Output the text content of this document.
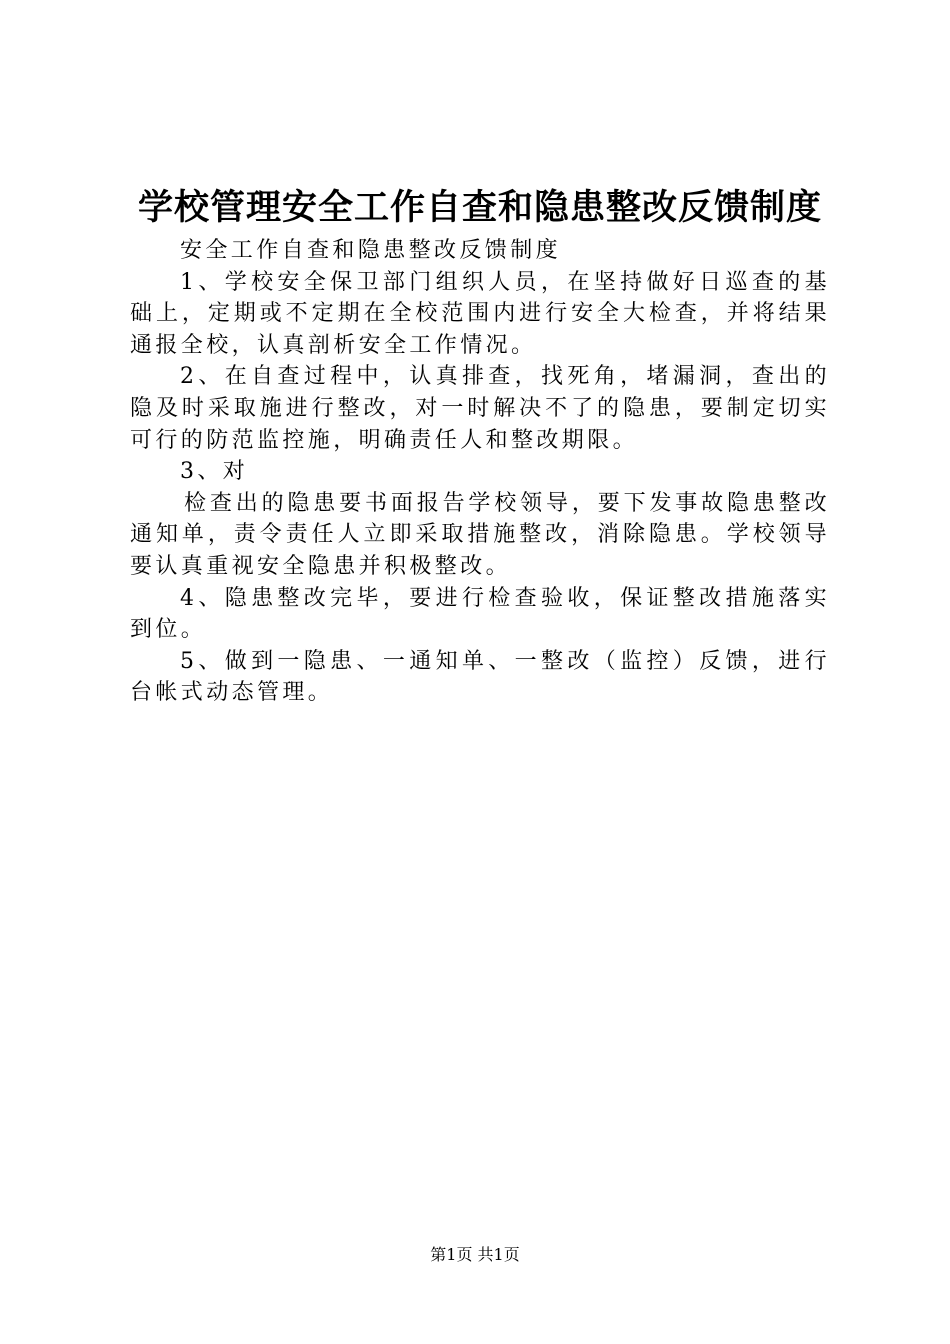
学校管理安全工作自查和隐患整改反馈制度

安全工作自查和隐患整改反馈制度

1、学校安全保卫部门组织人员，在坚持做好日巡查的基础上，定期或不定期在全校范围内进行安全大检查，并将结果通报全校，认真剖析安全工作情况。

2、在自查过程中，认真排查，找死角，堵漏洞，查出的隐及时采取施进行整改，对一时解决不了的隐患，要制定切实可行的防范监控施，明确责任人和整改期限。

3、对

检查出的隐患要书面报告学校领导，要下发事故隐患整改通知单，责令责任人立即采取措施整改，消除隐患。学校领导要认真重视安全隐患并积极整改。

4、隐患整改完毕，要进行检查验收，保证整改措施落实到位。

5、做到一隐患、一通知单、一整改（监控）反馈，进行台帐式动态管理。

第1页 共1页
